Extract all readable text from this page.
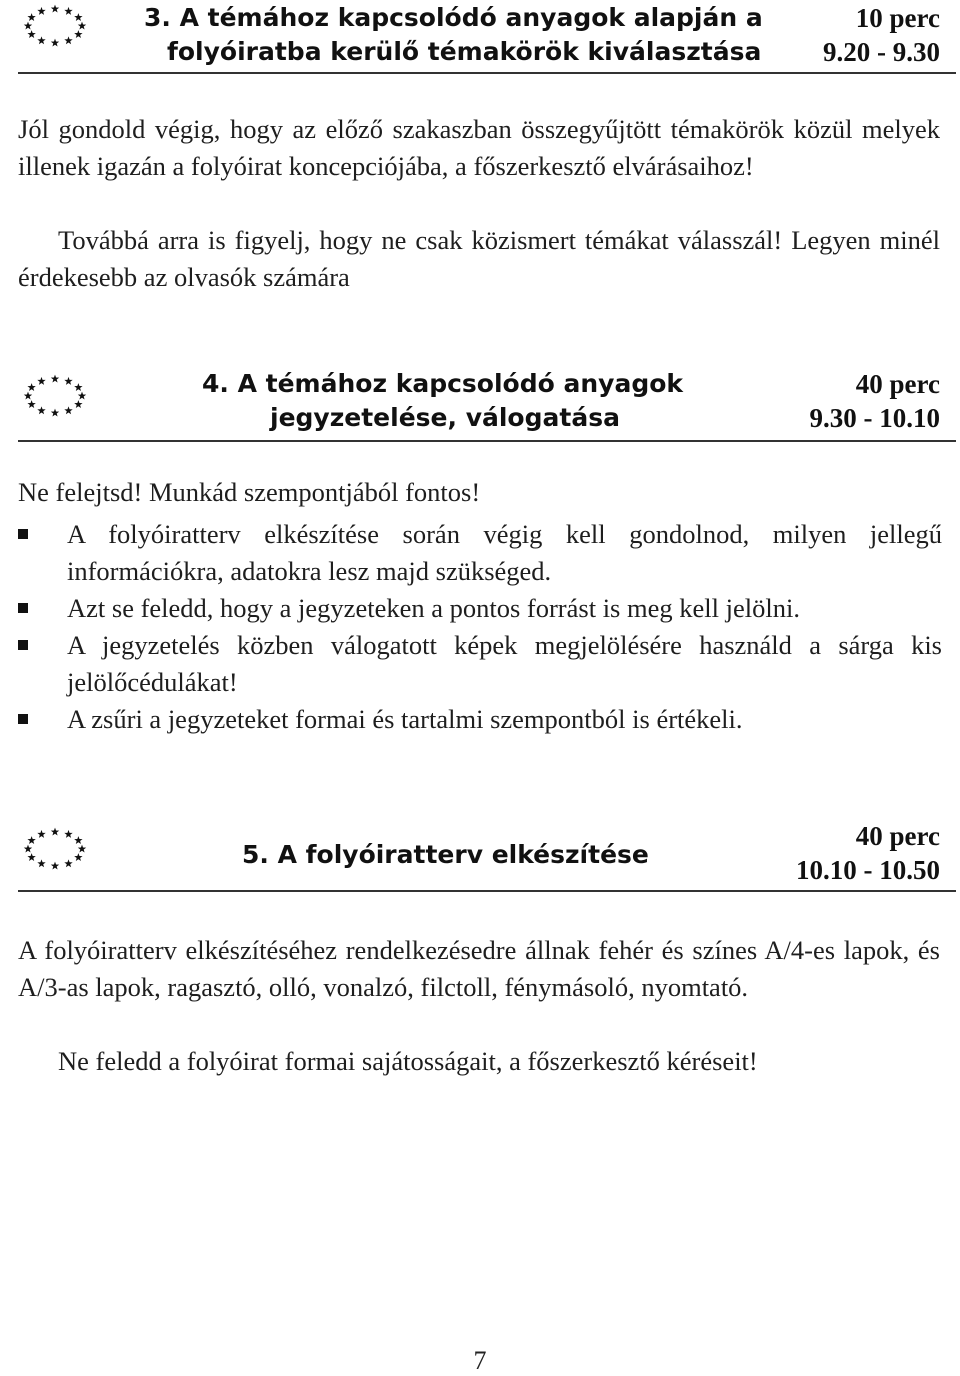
3. A témához kapcsolódó anyagok alapján a
folyóiratba kerülő témakörök kiválasztása
10 perc
9.20 - 9.30
Jól gondold végig, hogy az előző szakaszban összegyűjtött témakörök közül melyek illenek igazán a folyóirat koncepciójába, a főszerkesztő elvárásaihoz!
Továbbá arra is figyelj, hogy ne csak közismert témákat válasszál! Legyen minél érdekesebb az olvasók számára
4. A témához kapcsolódó anyagok
jegyzetelése, válogatása
40 perc
9.30 - 10.10
Ne felejtsd! Munkád szempontjából fontos!
A folyóiratterv elkészítése során végig kell gondolnod, milyen jellegű információkra, adatokra lesz majd szükséged.
Azt se feledd, hogy a jegyzeteken a pontos forrást is meg kell jelölni.
A jegyzetelés közben válogatott képek megjelölésére használd a sárga kis jelölőcédulákat!
A zsűri a jegyzeteket formai és tartalmi szempontból is értékeli.
5. A folyóiratterv elkészítése
40 perc
10.10 - 10.50
A folyóiratterv elkészítéséhez rendelkezésedre állnak fehér és színes A/4-es lapok, és A/3-as lapok, ragasztó, olló, vonalzó, filctoll, fénymásoló, nyomtató.
Ne feledd a folyóirat formai sajátosságait, a főszerkesztő kéréseit!
7
